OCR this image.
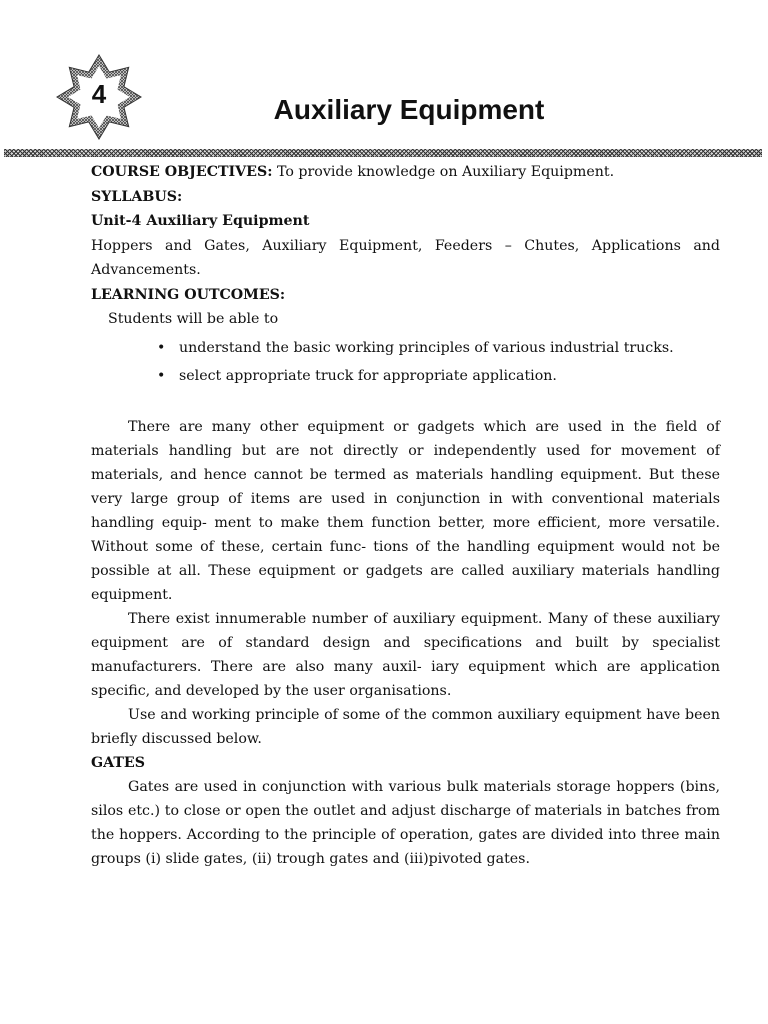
4	Auxiliary Equipment

COURSE OBJECTIVES: To provide knowledge on Auxiliary Equipment.

SYLLABUS:

Unit-4 Auxiliary Equipment

Hoppers and Gates, Auxiliary Equipment, Feeders – Chutes, Applications and Advancements.

LEARNING OUTCOMES:

Students will be able to

• understand the basic working principles of various industrial trucks.
• select appropriate truck for appropriate application.

There are many other equipment or gadgets which are used in the field of materials handling but are not directly or independently used for movement of materials, and hence cannot be termed as materials handling equipment. But these very large group of items are used in conjunction in with conventional materials handling equip- ment to make them function better, more efficient, more versatile. Without some of these, certain func- tions of the handling equipment would not be possible at all. These equipment or gadgets are called auxiliary materials handling equipment.

There exist innumerable number of auxiliary equipment. Many of these auxiliary equipment are of standard design and specifications and built by specialist manufacturers. There are also many auxil- iary equipment which are application specific, and developed by the user organisations.

Use and working principle of some of the common auxiliary equipment have been briefly discussed below.

GATES

Gates are used in conjunction with various bulk materials storage hoppers (bins, silos etc.) to close or open the outlet and adjust discharge of materials in batches from the hoppers. According to the principle of operation, gates are divided into three main groups (i) slide gates, (ii) trough gates and (iii)pivoted gates.
